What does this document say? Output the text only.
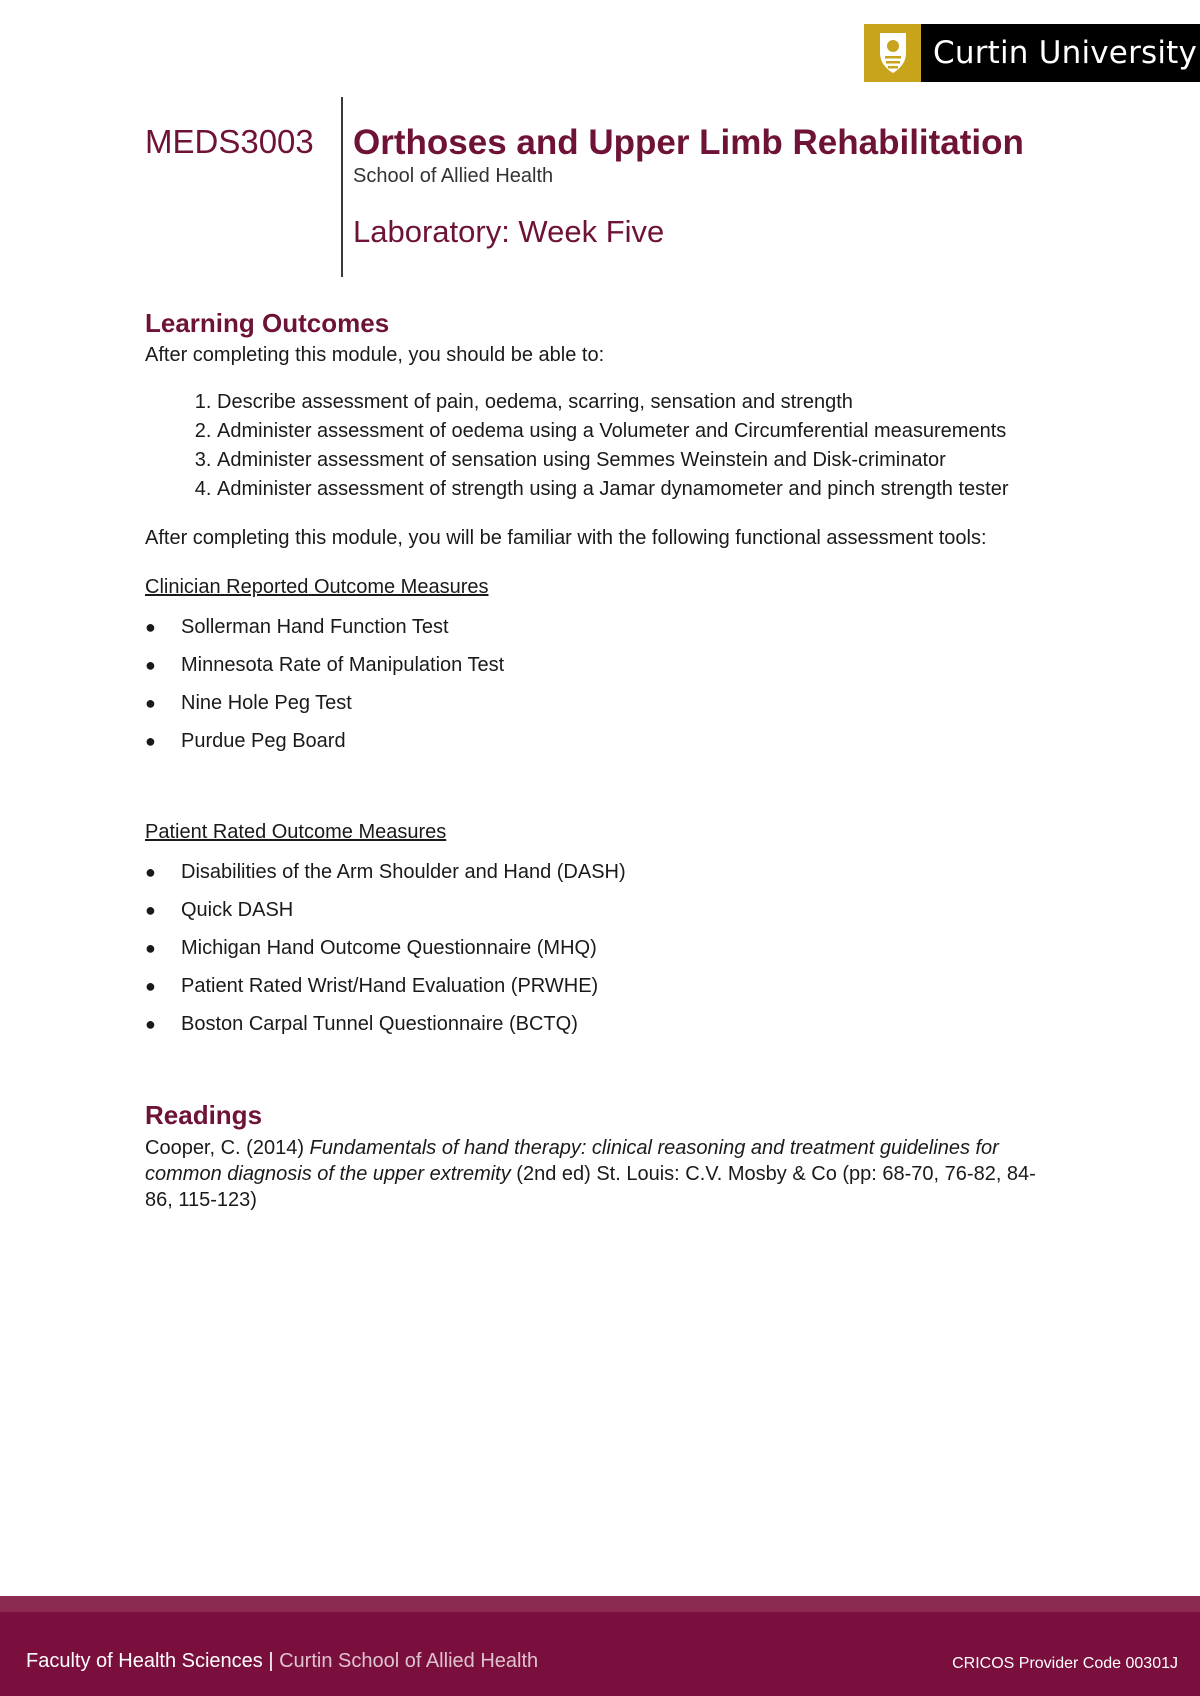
Curtin University
MEDS3003 Orthoses and Upper Limb Rehabilitation
School of Allied Health
Laboratory: Week Five
Learning Outcomes

After completing this module, you should be able to:

1. Describe assessment of pain, oedema, scarring, sensation and strength
2. Administer assessment of oedema using a Volumeter and Circumferential measurements
3. Administer assessment of sensation using Semmes Weinstein and Disk-criminator
4. Administer assessment of strength using a Jamar dynamometer and pinch strength tester

After completing this module, you will be familiar with the following functional assessment tools:

Clinician Reported Outcome Measures

● Sollerman Hand Function Test
● Minnesota Rate of Manipulation Test
● Nine Hole Peg Test
● Purdue Peg Board

Patient Rated Outcome Measures

● Disabilities of the Arm Shoulder and Hand (DASH)
● Quick DASH
● Michigan Hand Outcome Questionnaire (MHQ)
● Patient Rated Wrist/Hand Evaluation (PRWHE)
● Boston Carpal Tunnel Questionnaire (BCTQ)
Readings

Cooper, C. (2014) Fundamentals of hand therapy: clinical reasoning and treatment guidelines for common diagnosis of the upper extremity (2nd ed) St. Louis: C.V. Mosby & Co (pp: 68-70, 76-82, 84-86, 115-123)

Faculty of Health Sciences | Curtin School of Allied Health	CRICOS Provider Code 00301J
